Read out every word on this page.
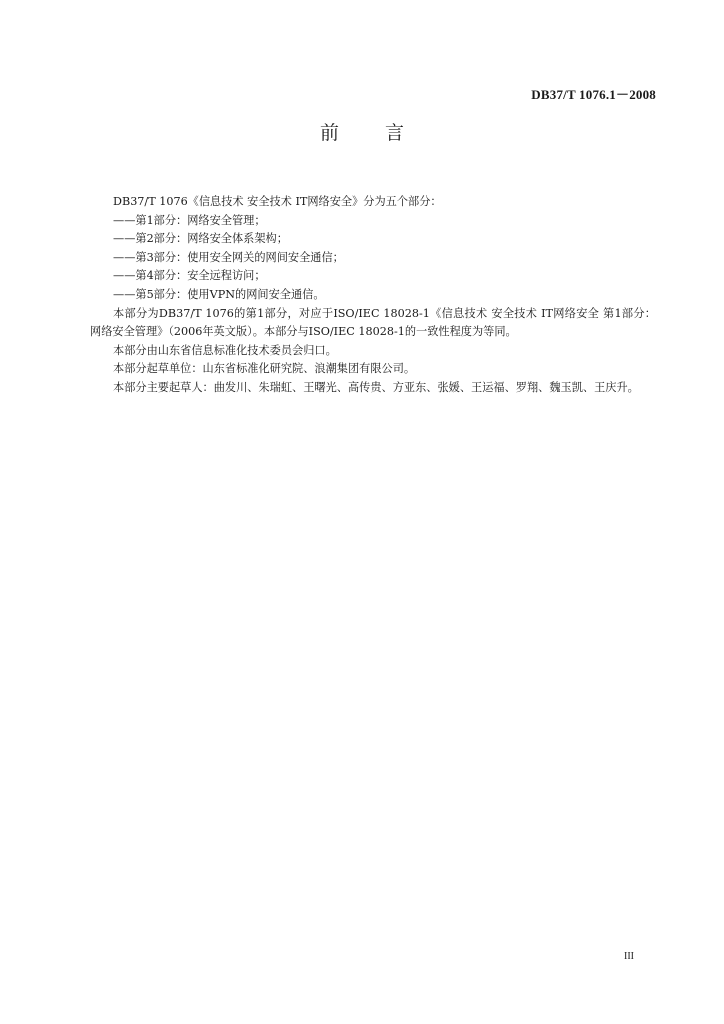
DB37/T 1076.1－2008
前 言

DB37/T 1076《信息技术 安全技术 IT网络安全》分为五个部分：

——第1部分：网络安全管理；

——第2部分：网络安全体系架构；

——第3部分：使用安全网关的网间安全通信；

——第4部分：安全远程访问；

——第5部分：使用VPN的网间安全通信。

本部分为DB37/T 1076的第1部分，对应于ISO/IEC 18028-1《信息技术 安全技术 IT网络安全 第1部分：网络安全管理》（2006年英文版）。本部分与ISO/IEC 18028-1的一致性程度为等同。

本部分由山东省信息标准化技术委员会归口。

本部分起草单位：山东省标准化研究院、浪潮集团有限公司。

本部分主要起草人：曲发川、朱瑞虹、王曙光、高传贵、方亚东、张媛、王运福、罗翔、魏玉凯、王庆升。

III
